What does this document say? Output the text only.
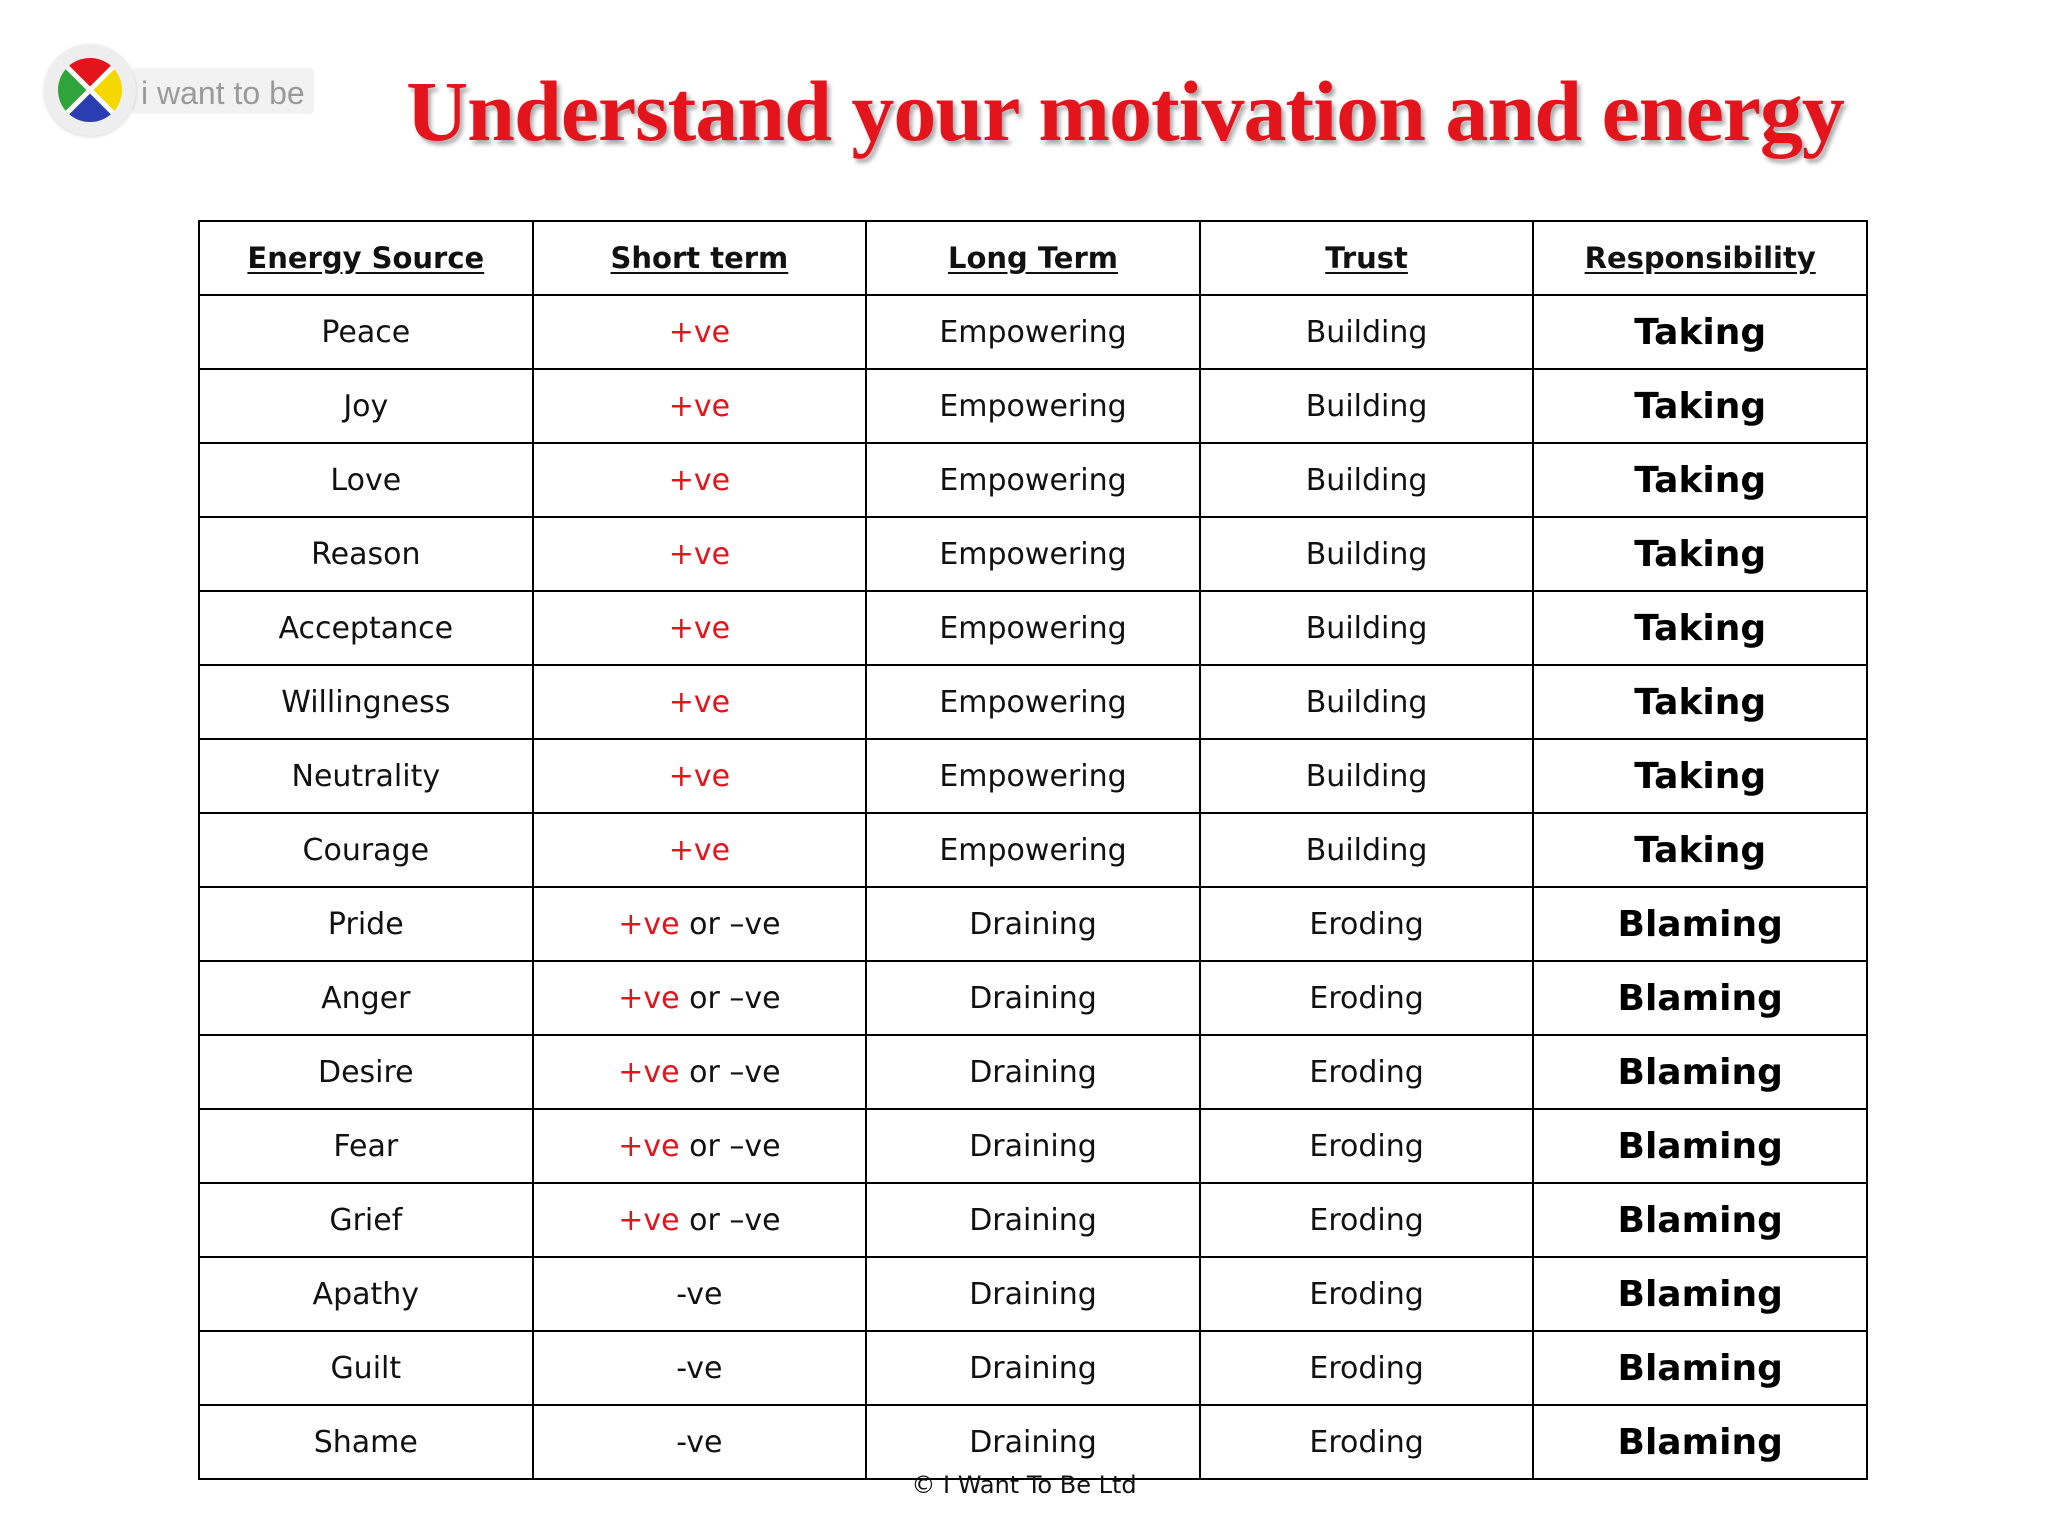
i want to be	Understand your motivation and energy
Energy Source	Short term	Long Term	Trust	Responsibility
Peace	+ve	Empowering	Building	Taking
Joy	+ve	Empowering	Building	Taking
Love	+ve	Empowering	Building	Taking
Reason	+ve	Empowering	Building	Taking
Acceptance	+ve	Empowering	Building	Taking
Willingness	+ve	Empowering	Building	Taking
Neutrality	+ve	Empowering	Building	Taking
Courage	+ve	Empowering	Building	Taking
Pride	+ve or –ve	Draining	Eroding	Blaming
Anger	+ve or –ve	Draining	Eroding	Blaming
Desire	+ve or –ve	Draining	Eroding	Blaming
Fear	+ve or –ve	Draining	Eroding	Blaming
Grief	+ve or –ve	Draining	Eroding	Blaming
Apathy	-ve	Draining	Eroding	Blaming
Guilt	-ve	Draining	Eroding	Blaming
Shame	-ve	Draining	Eroding	Blaming
© I Want To Be Ltd
